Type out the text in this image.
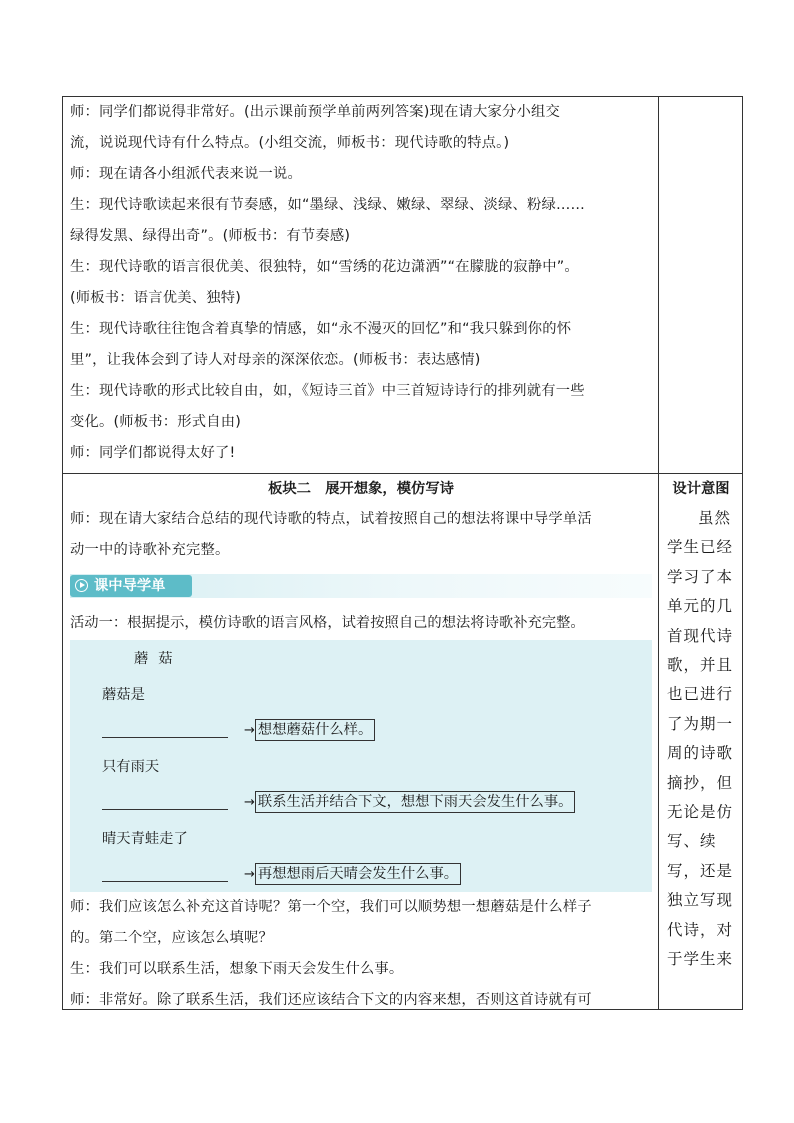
师：同学们都说得非常好。(出示课前预学单前两列答案)现在请大家分小组交
流，说说现代诗有什么特点。(小组交流，师板书：现代诗歌的特点。)
师：现在请各小组派代表来说一说。
生：现代诗歌读起来很有节奏感，如“墨绿、浅绿、嫩绿、翠绿、淡绿、粉绿……
绿得发黑、绿得出奇”。(师板书：有节奏感)
生：现代诗歌的语言很优美、很独特，如“雪绣的花边潇洒”“在朦胧的寂静中”。
(师板书：语言优美、独特)
生：现代诗歌往往饱含着真挚的情感，如“永不漫灭的回忆”和“我只躲到你的怀
里”，让我体会到了诗人对母亲的深深依恋。(师板书：表达感情)
生：现代诗歌的形式比较自由，如，《短诗三首》中三首短诗诗行的排列就有一些
变化。(师板书：形式自由)
师：同学们都说得太好了!
板块二　展开想象，模仿写诗
师：现在请大家结合总结的现代诗歌的特点，试着按照自己的想法将课中导学单活
动一中的诗歌补充完整。
课中导学单
活动一：根据提示，模仿诗歌的语言风格，试着按照自己的想法将诗歌补充完整。
蘑菇
蘑菇是
→ 想想蘑菇什么样。
只有雨天
→ 联系生活并结合下文，想想下雨天会发生什么事。
晴天青蛙走了
→ 再想想雨后天晴会发生什么事。
师：我们应该怎么补充这首诗呢？第一个空，我们可以顺势想一想蘑菇是什么样子
的。第二个空，应该怎么填呢？
生：我们可以联系生活，想象下雨天会发生什么事。
师：非常好。除了联系生活，我们还应该结合下文的内容来想，否则这首诗就有可
设计意图
虽然学生已经学习了本单元的几首现代诗歌，并且也已进行了为期一周的诗歌摘抄，但无论是仿写、续写，还是独立写现代诗，对于学生来
